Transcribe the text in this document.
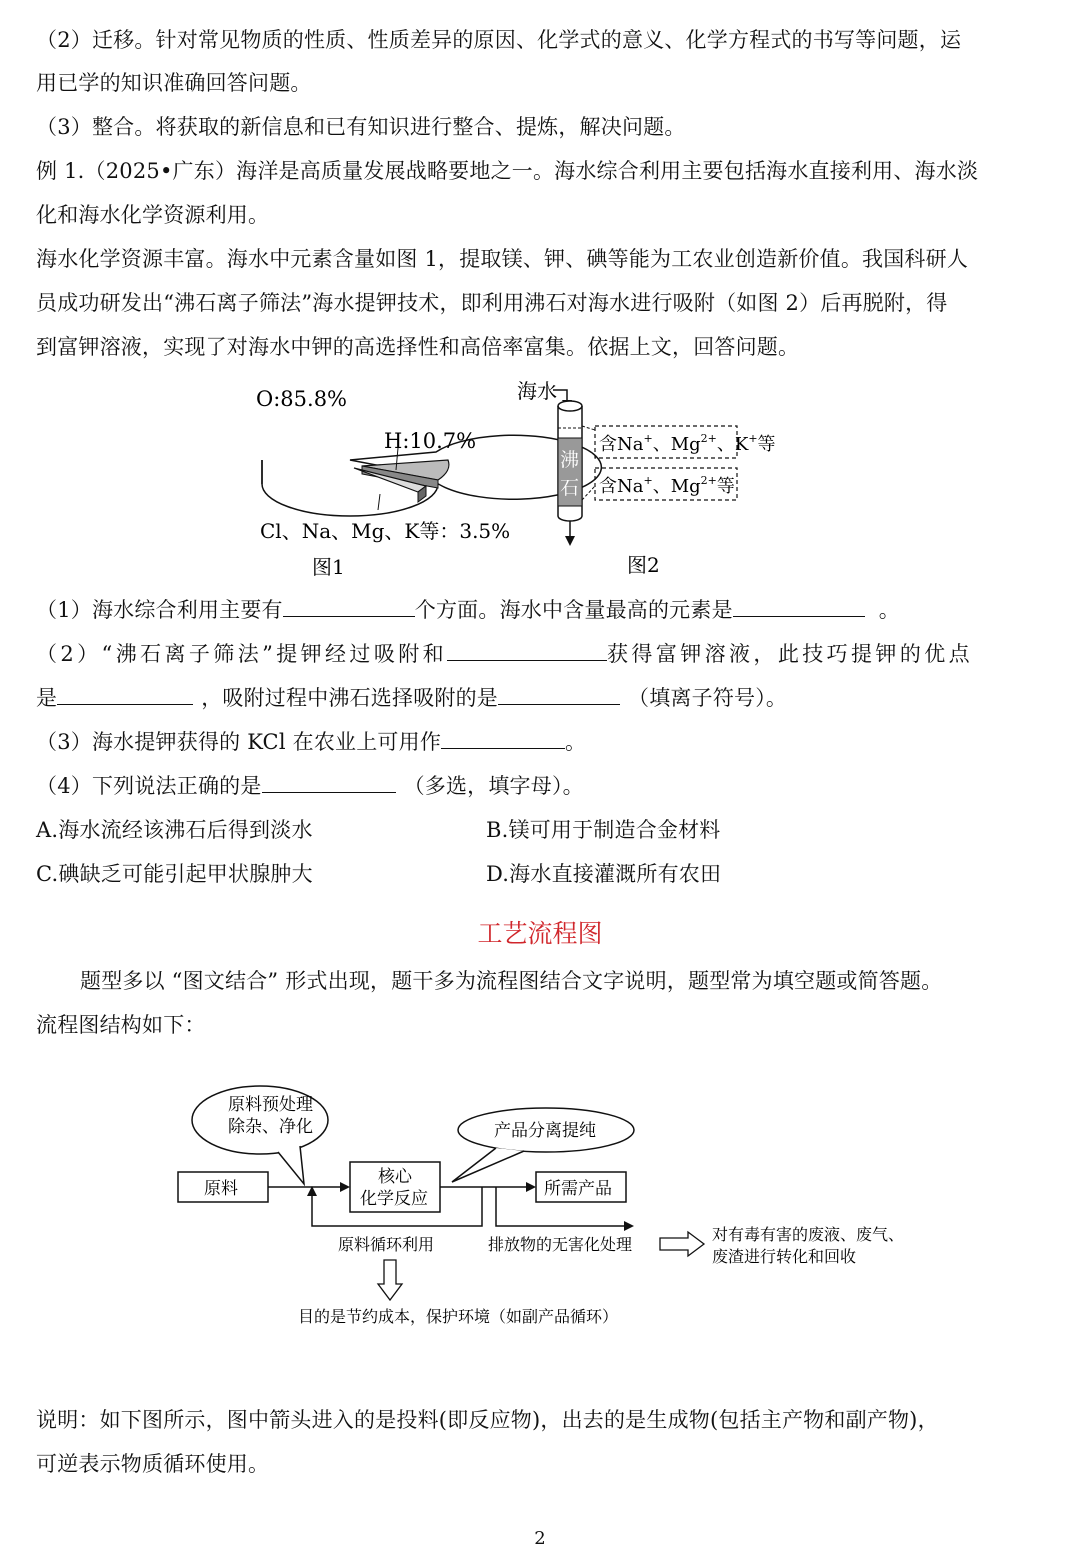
（2）迁移。针对常见物质的性质、性质差异的原因、化学式的意义、化学方程式的书写等问题，运
用已学的知识准确回答问题。
（3）整合。将获取的新信息和已有知识进行整合、提炼，解决问题。
例 1.（2025•广东）海洋是高质量发展战略要地之一。海水综合利用主要包括海水直接利用、海水淡
化和海水化学资源利用。
海水化学资源丰富。海水中元素含量如图 1，提取镁、钾、碘等能为工农业创造新价值。我国科研人
员成功研发出“沸石离子筛法”海水提钾技术，即利用沸石对海水进行吸附（如图 2）后再脱附，得
到富钾溶液，实现了对海水中钾的高选择性和高倍率富集。依据上文，回答问题。
O:85.8%
H:10.7%
Cl、Na、Mg、K等：3.5%
图1
海水
沸
石
含Na+、$Mg^{2+}$、K+等
含Na+、$Mg^{2+}$等
图2
（1）海水综合利用主要有	个方面。海水中含量最高的元素是	。
（2）“沸石离子筛法”提钾经过吸附和	获得富钾溶液，此技巧提钾的优点
是	，吸附过程中沸石选择吸附的是	（填离子符号）。
（3）海水提钾获得的 KCl 在农业上可用作	。
（4）下列说法正确的是	（多选，填字母）。
A.海水流经该沸石后得到淡水	B.镁可用于制造合金材料
C.碘缺乏可能引起甲状腺肿大	D.海水直接灌溉所有农田
工艺流程图
题型多以 “图文结合” 形式出现，题干多为流程图结合文字说明，题型常为填空题或简答题。
流程图结构如下：
原料预处理
除杂、净化	产品分离提纯
原料
核心
化学反应	所需产品
原料循环利用	排放物的无害化处理
对有毒有害的废液、废气、
废渣进行转化和回收
目的是节约成本，保护环境（如副产品循环）
说明：如下图所示，图中箭头进入的是投料(即反应物)，出去的是生成物(包括主产物和副产物)，
可逆表示物质循环使用。
2
